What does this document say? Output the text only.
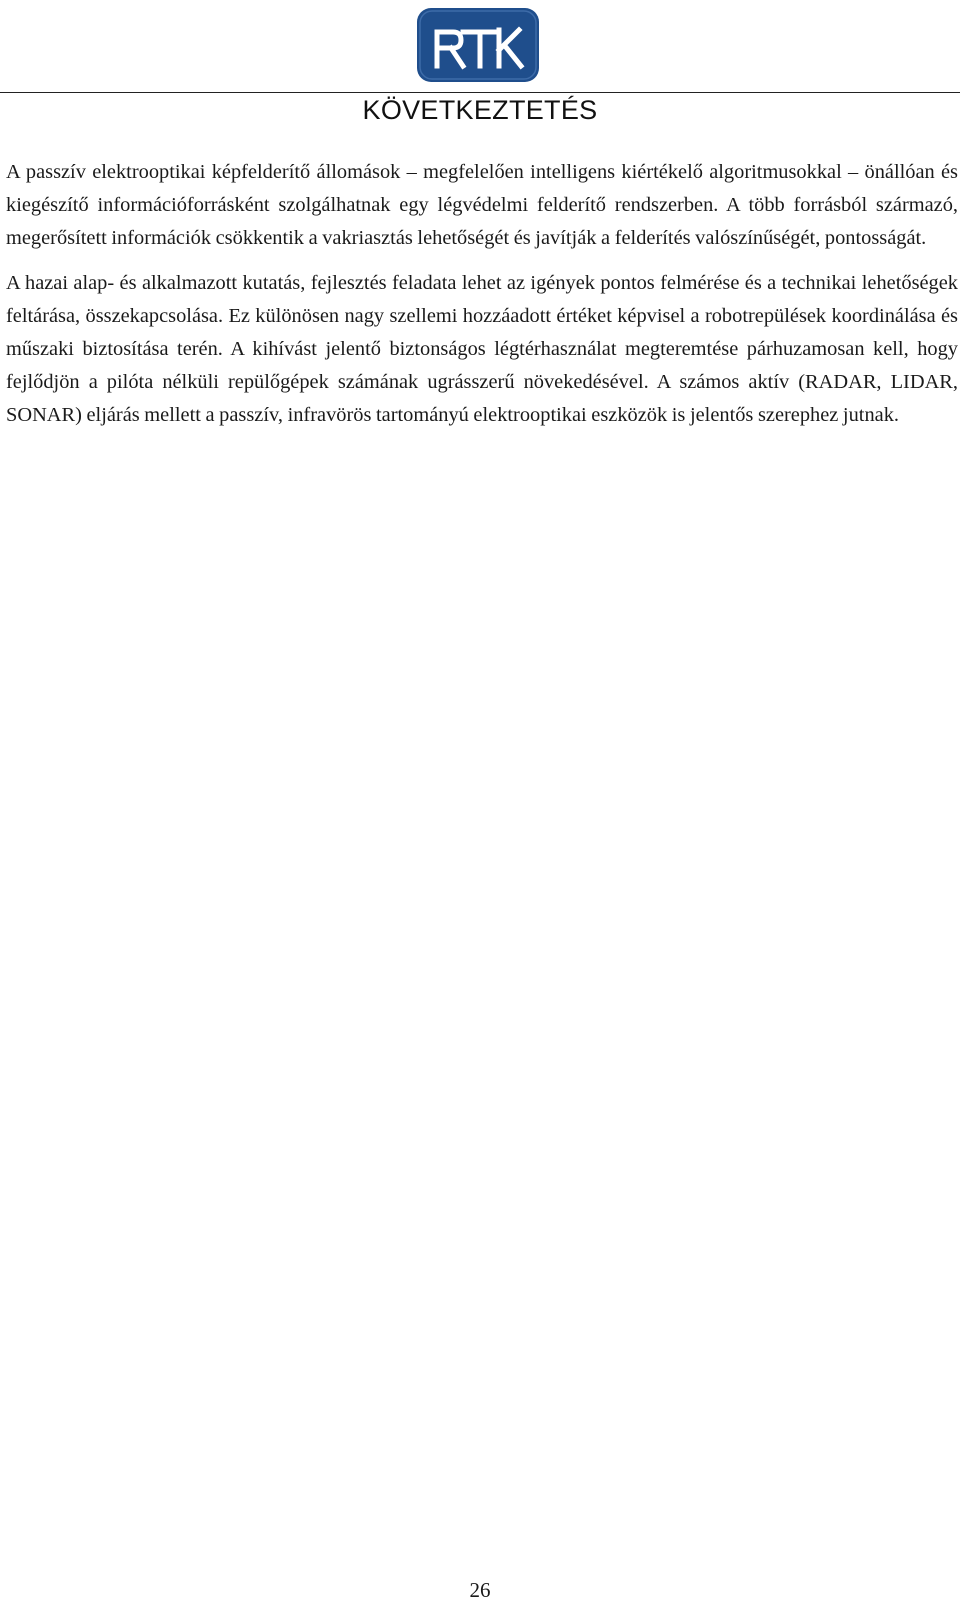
KÖVETKEZTETÉS

A passzív elektrooptikai képfelderítő állomások – megfelelően intelligens kiértékelő algoritmusokkal – önállóan és kiegészítő információforrásként szolgálhatnak egy légvédelmi felderítő rendszerben. A több forrásból származó, megerősített információk csökkentik a vakriasztás lehetőségét és javítják a felderítés valószínűségét, pontosságát.

A hazai alap- és alkalmazott kutatás, fejlesztés feladata lehet az igények pontos felmérése és a technikai lehetőségek feltárása, összekapcsolása. Ez különösen nagy szellemi hozzáadott értéket képvisel a robotrepülések koordinálása és műszaki biztosítása terén. A kihívást jelentő biztonságos légtérhasználat megteremtése párhuzamosan kell, hogy fejlődjön a pilóta nélküli repülőgépek számának ugrásszerű növekedésével. A számos aktív (RADAR, LIDAR, SONAR) eljárás mellett a passzív, infravörös tartományú elektrooptikai eszközök is jelentős szerephez jutnak.

26
